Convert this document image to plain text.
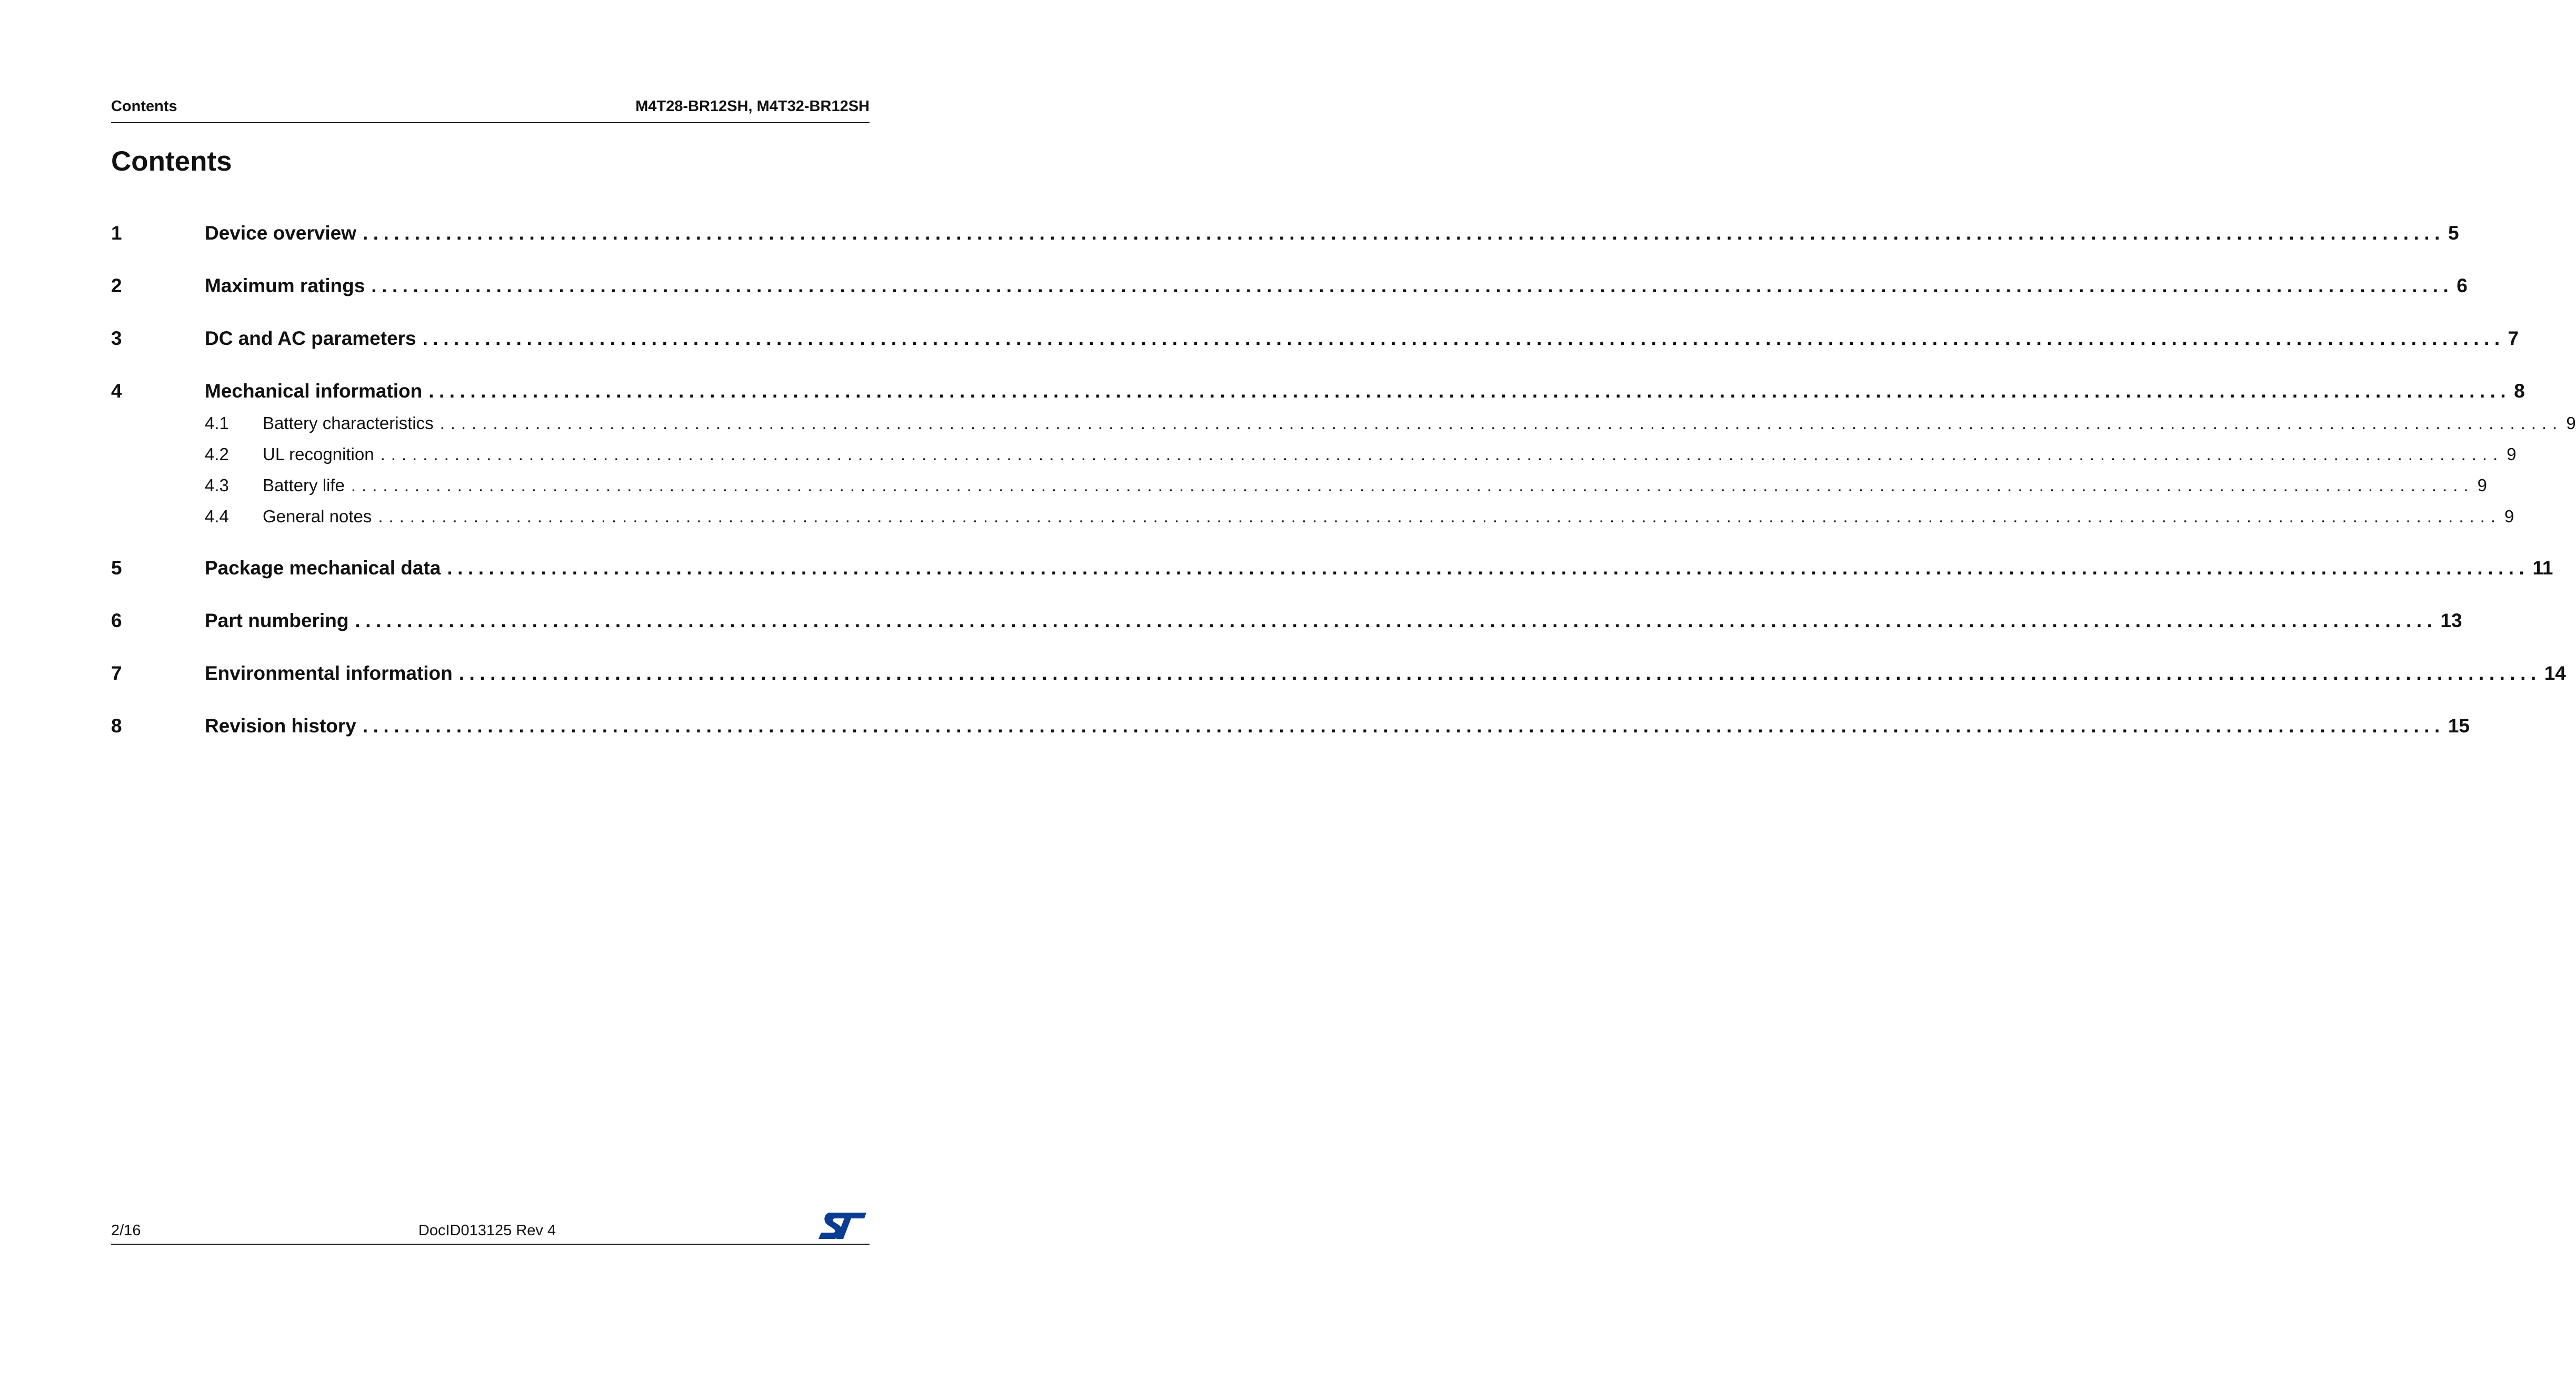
Contents	M4T28-BR12SH, M4T32-BR12SH
Contents
1	Device overview ........................................................................................................................................................................................................ 5
2	Maximum ratings ........................................................................................................................................................................................................ 6
3	DC and AC parameters ........................................................................................................................................................................................................ 7
4	Mechanical information ........................................................................................................................................................................................................ 8
4.1	Battery characteristics ........................................................................................................................................................................................................ 9
4.2	UL recognition ........................................................................................................................................................................................................ 9
4.3	Battery life ........................................................................................................................................................................................................ 9
4.4	General notes ........................................................................................................................................................................................................ 9
5	Package mechanical data ........................................................................................................................................................................................................ 11
6	Part numbering ........................................................................................................................................................................................................ 13
7	Environmental information ........................................................................................................................................................................................................ 14
8	Revision history ........................................................................................................................................................................................................ 15
2/16	DocID013125 Rev 4
